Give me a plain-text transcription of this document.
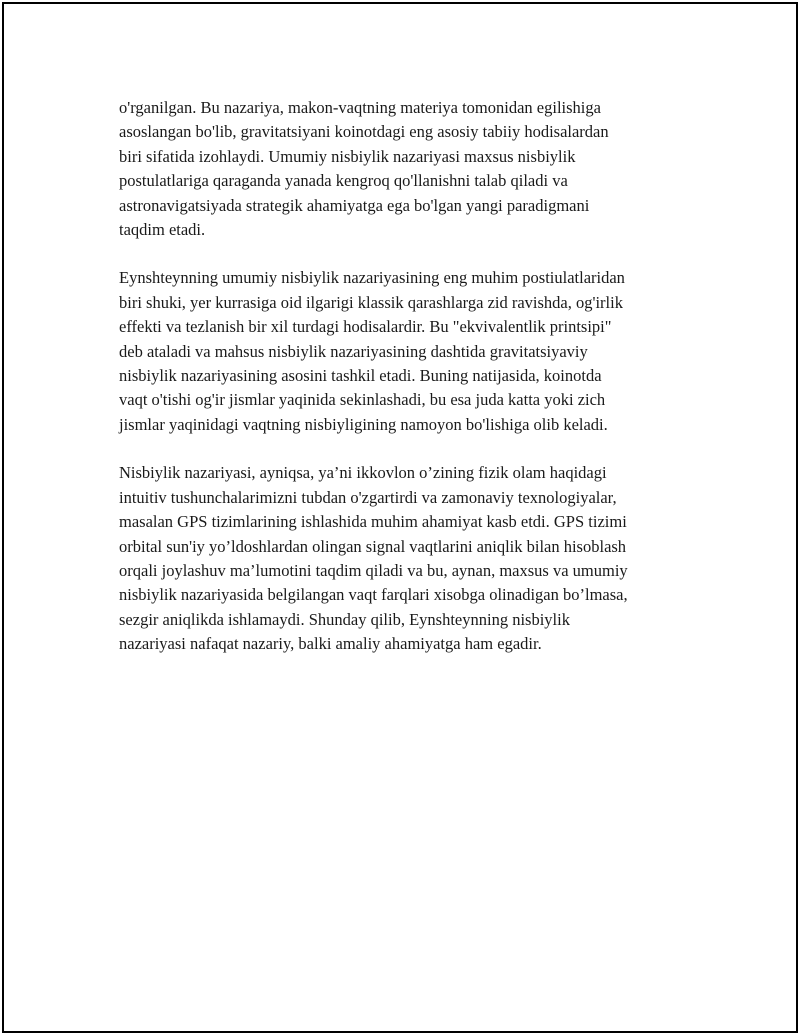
o'rganilgan. Bu nazariya, makon-vaqtning materiya tomonidan egilishiga
asoslangan bo'lib, gravitatsiyani koinotdagi eng asosiy tabiiy hodisalardan
biri sifatida izohlaydi. Umumiy nisbiylik nazariyasi maxsus nisbiylik
postulatlariga qaraganda yanada kengroq qo'llanishni talab qiladi va
astronavigatsiyada strategik ahamiyatga ega bo'lgan yangi paradigmani
taqdim etadi.

Eynshteynning umumiy nisbiylik nazariyasining eng muhim postiulatlaridan
biri shuki, yer kurrasiga oid ilgarigi klassik qarashlarga zid ravishda, og'irlik
effekti va tezlanish bir xil turdagi hodisalardir. Bu "ekvivalentlik printsipi"
deb ataladi va mahsus nisbiylik nazariyasining dashtida gravitatsiyaviy
nisbiylik nazariyasining asosini tashkil etadi. Buning natijasida, koinotda
vaqt o'tishi og'ir jismlar yaqinida sekinlashadi, bu esa juda katta yoki zich
jismlar yaqinidagi vaqtning nisbiyligining namoyon bo'lishiga olib keladi.

Nisbiylik nazariyasi, ayniqsa, ya’ni ikkovlon o’zining fizik olam haqidagi
intuitiv tushunchalarimizni tubdan o'zgartirdi va zamonaviy texnologiyalar,
masalan GPS tizimlarining ishlashida muhim ahamiyat kasb etdi. GPS tizimi
orbital sun'iy yo’ldoshlardan olingan signal vaqtlarini aniqlik bilan hisoblash
orqali joylashuv ma’lumotini taqdim qiladi va bu, aynan, maxsus va umumiy
nisbiylik nazariyasida belgilangan vaqt farqlari xisobga olinadigan bo’lmasa,
sezgir aniqlikda ishlamaydi. Shunday qilib, Eynshteynning nisbiylik
nazariyasi nafaqat nazariy, balki amaliy ahamiyatga ham egadir.
